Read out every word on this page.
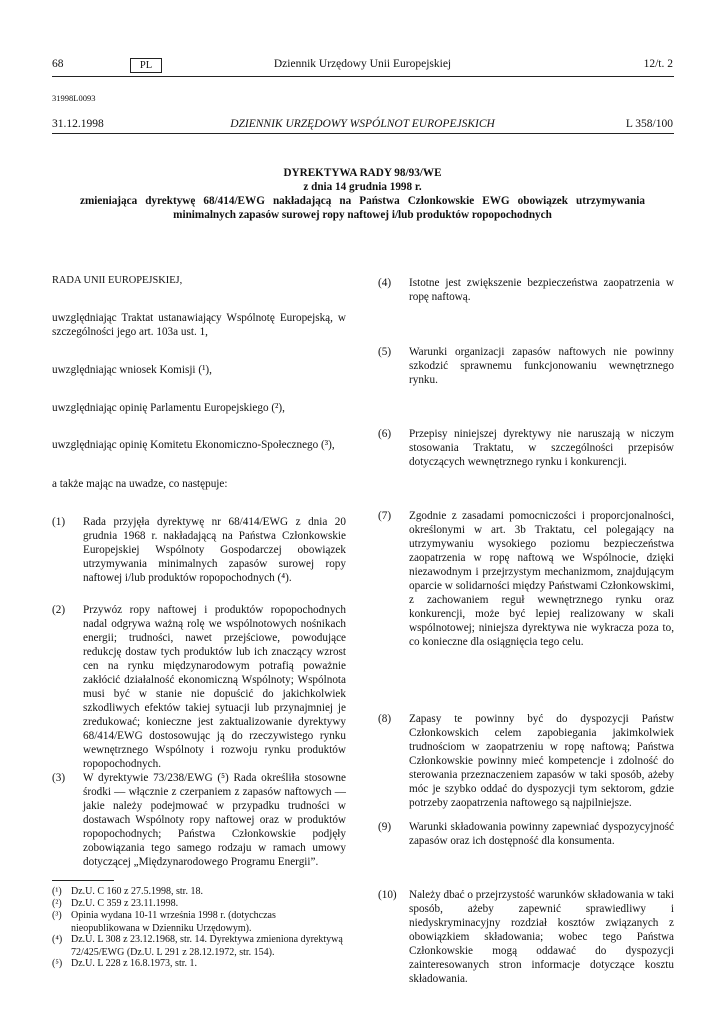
68	PL	Dziennik Urzędowy Unii Europejskiej	12/t. 2
31998L0093
31.12.1998	DZIENNIK URZĘDOWY WSPÓLNOT EUROPEJSKICH	L 358/100
DYREKTYWA RADY 98/93/WE
z dnia 14 grudnia 1998 r.
zmieniająca dyrektywę 68/414/EWG nakładającą na Państwa Członkowskie EWG obowiązek utrzymywania minimalnych zapasów surowej ropy naftowej i/lub produktów ropopochodnych
RADA UNII EUROPEJSKIEJ,
uwzględniając Traktat ustanawiający Wspólnotę Europejską, w szczególności jego art. 103a ust. 1,
uwzględniając wniosek Komisji (¹),
uwzględniając opinię Parlamentu Europejskiego (²),
uwzględniając opinię Komitetu Ekonomiczno-Społecznego (³),
a także mając na uwadze, co następuje:
(1) Rada przyjęła dyrektywę nr 68/414/EWG z dnia 20 grudnia 1968 r. nakładającą na Państwa Członkowskie Europejskiej Wspólnoty Gospodarczej obowiązek utrzymywania minimalnych zapasów surowej ropy naftowej i/lub produktów ropopochodnych (⁴).
(2) Przywóz ropy naftowej i produktów ropopochodnych nadal odgrywa ważną rolę we wspólnotowych nośnikach energii; trudności, nawet przejściowe, powodujące redukcję dostaw tych produktów lub ich znaczący wzrost cen na rynku międzynarodowym potrafią poważnie zakłócić działalność ekonomiczną Wspólnoty; Wspólnota musi być w stanie nie dopuścić do jakichkolwiek szkodliwych efektów takiej sytuacji lub przynajmniej je zredukować; konieczne jest zaktualizowanie dyrektywy 68/414/EWG dostosowując ją do rzeczywistego rynku wewnętrznego Wspólnoty i rozwoju rynku produktów ropopochodnych.
(3) W dyrektywie 73/238/EWG (⁵) Rada określiła stosowne środki — włącznie z czerpaniem z zapasów naftowych — jakie należy podejmować w przypadku trudności w dostawach Wspólnoty ropy naftowej oraz w produktów ropopochodnych; Państwa Członkowskie podjęły zobowiązania tego samego rodzaju w ramach umowy dotyczącej „Międzynarodowego Programu Energii”.
(¹) Dz.U. C 160 z 27.5.1998, str. 18.
(²) Dz.U. C 359 z 23.11.1998.
(³) Opinia wydana 10-11 września 1998 r. (dotychczas nieopublikowana w Dzienniku Urzędowym).
(⁴) Dz.U. L 308 z 23.12.1968, str. 14. Dyrektywa zmieniona dyrektywą 72/425/EWG (Dz.U. L 291 z 28.12.1972, str. 154).
(⁵) Dz.U. L 228 z 16.8.1973, str. 1.
(4) Istotne jest zwiększenie bezpieczeństwa zaopatrzenia w ropę naftową.
(5) Warunki organizacji zapasów naftowych nie powinny szkodzić sprawnemu funkcjonowaniu wewnętrznego rynku.
(6) Przepisy niniejszej dyrektywy nie naruszają w niczym stosowania Traktatu, w szczególności przepisów dotyczących wewnętrznego rynku i konkurencji.
(7) Zgodnie z zasadami pomocniczości i proporcjonalności, określonymi w art. 3b Traktatu, cel polegający na utrzymywaniu wysokiego poziomu bezpieczeństwa zaopatrzenia w ropę naftową we Wspólnocie, dzięki niezawodnym i przejrzystym mechanizmom, znajdującym oparcie w solidarności między Państwami Członkowskimi, z zachowaniem reguł wewnętrznego rynku oraz konkurencji, może być lepiej realizowany w skali wspólnotowej; niniejsza dyrektywa nie wykracza poza to, co konieczne dla osiągnięcia tego celu.
(8) Zapasy te powinny być do dyspozycji Państw Członkowskich celem zapobiegania jakimkolwiek trudnościom w zaopatrzeniu w ropę naftową; Państwa Członkowskie powinny mieć kompetencje i zdolność do sterowania przeznaczeniem zapasów w taki sposób, ażeby móc je szybko oddać do dyspozycji tym sektorom, gdzie potrzeby zaopatrzenia naftowego są najpilniejsze.
(9) Warunki składowania powinny zapewniać dyspozycyjność zapasów oraz ich dostępność dla konsumenta.
(10) Należy dbać o przejrzystość warunków składowania w taki sposób, ażeby zapewnić sprawiedliwy i niedyskryminacyjny rozdział kosztów związanych z obowiązkiem składowania; wobec tego Państwa Członkowskie mogą oddawać do dyspozycji zainteresowanych stron informacje dotyczące kosztu składowania.
